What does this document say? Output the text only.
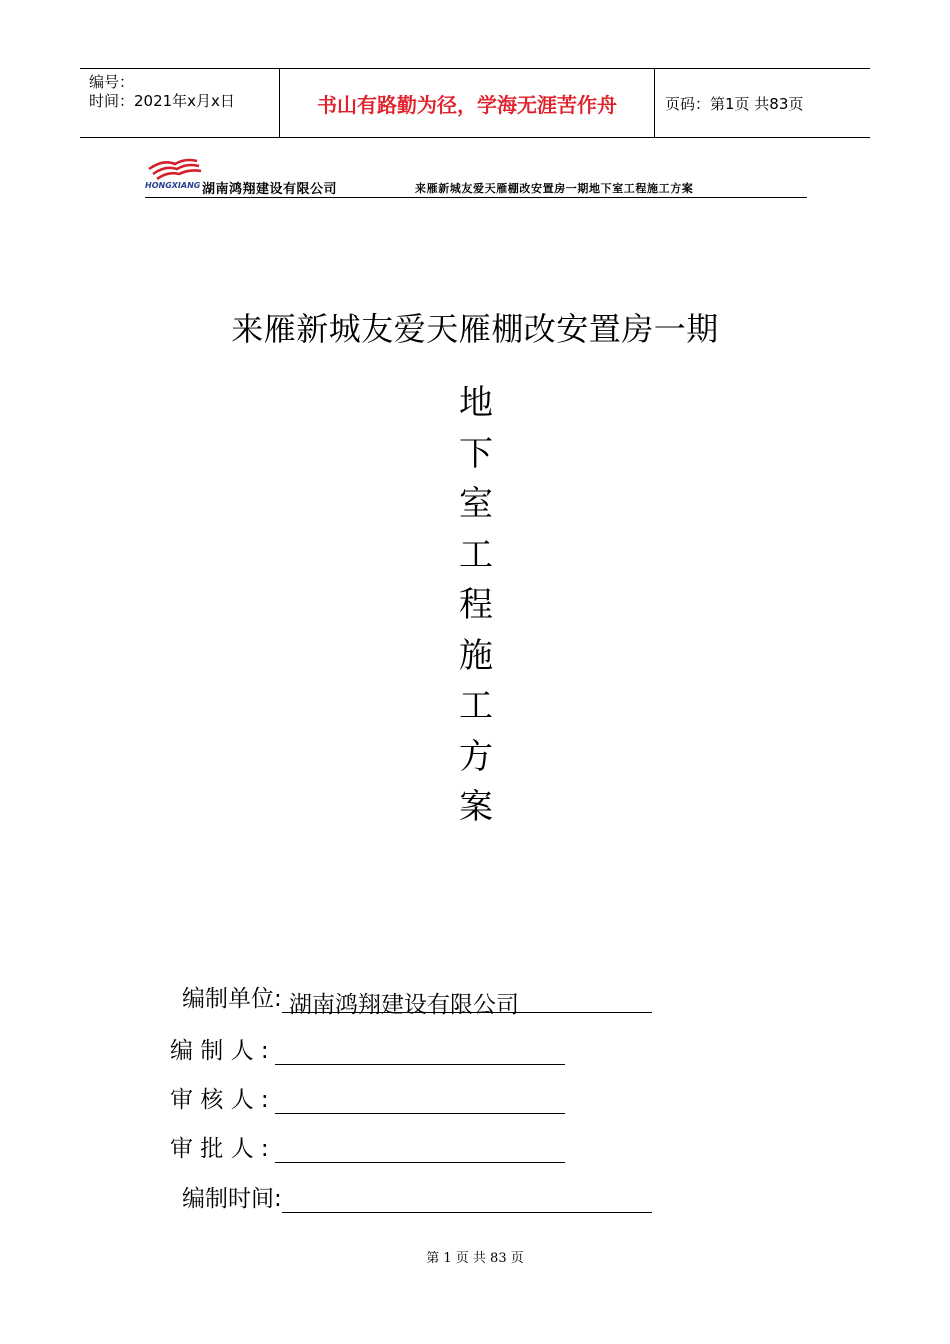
编号：
时间：2021年x月x日	书山有路勤为径，学海无涯苦作舟	页码：第1页 共83页
HONGXIANG 湖南鸿翔建设有限公司	来雁新城友爱天雁棚改安置房一期地下室工程施工方案
来雁新城友爱天雁棚改安置房一期
地
下
室
工
程
施
工
方
案
编制单位: 湖南鸿翔建设有限公司
编 制 人 :
审 核 人 :
审 批 人 :
编制时间:
第 1 页 共 83 页
